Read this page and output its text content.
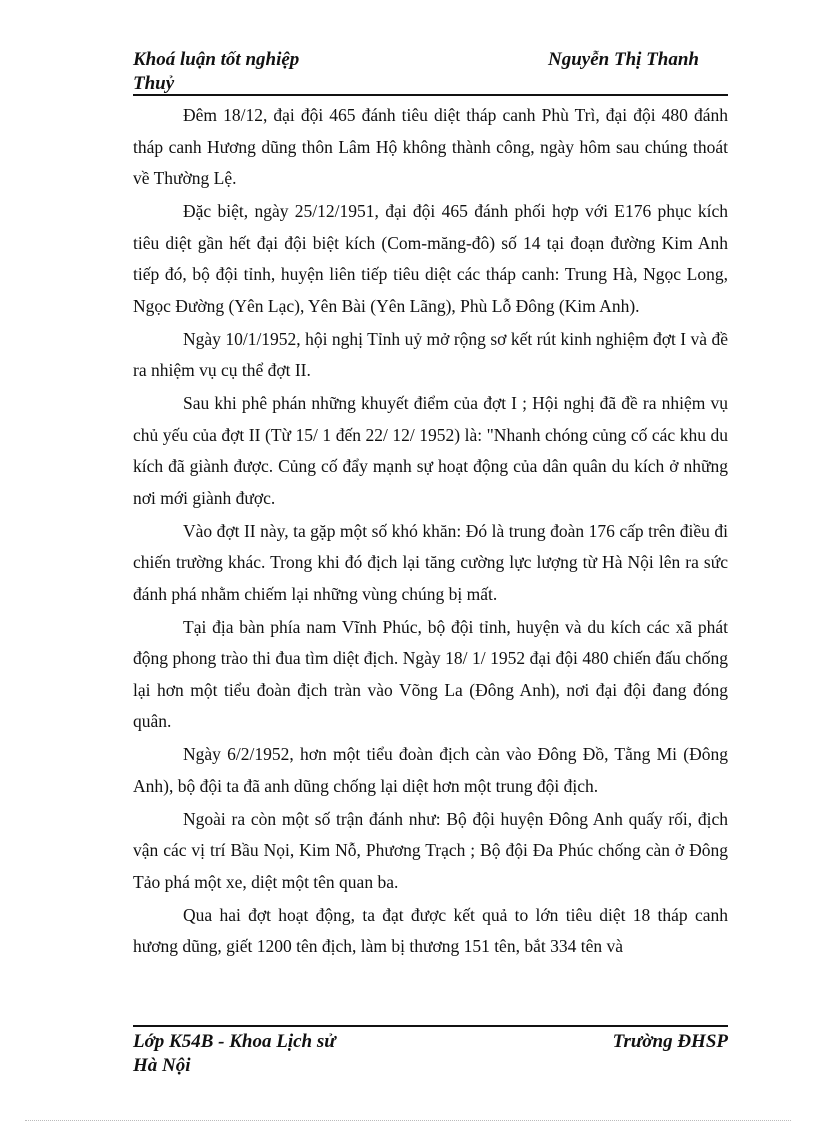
Khoá luận tốt nghiệp	Nguyễn Thị Thanh
Thuỷ

Đêm 18/12, đại đội 465 đánh tiêu diệt tháp canh Phù Trì, đại đội 480 đánh tháp canh Hương dũng thôn Lâm Hộ không thành công, ngày hôm sau chúng thoát về Thường Lệ.

Đặc biệt, ngày 25/12/1951, đại đội 465 đánh phối hợp với E176 phục kích tiêu diệt gần hết đại đội biệt kích (Com-măng-đô) số 14 tại đoạn đường Kim Anh tiếp đó, bộ đội tỉnh, huyện liên tiếp tiêu diệt các tháp canh: Trung Hà, Ngọc Long, Ngọc Đường (Yên Lạc), Yên Bài (Yên Lãng), Phù Lỗ Đông (Kim Anh).

Ngày 10/1/1952, hội nghị Tỉnh uỷ mở rộng sơ kết rút kinh nghiệm đợt I và đề ra nhiệm vụ cụ thể đợt II.

Sau khi phê phán những khuyết điểm của đợt I ; Hội nghị đã đề ra nhiệm vụ chủ yếu của đợt II (Từ 15/ 1 đến 22/ 12/ 1952) là: "Nhanh chóng củng cố các khu du kích đã giành được. Củng cố đẩy mạnh sự hoạt động của dân quân du kích ở những nơi mới giành được.

Vào đợt II này, ta gặp một số khó khăn: Đó là trung đoàn 176 cấp trên điều đi chiến trường khác. Trong khi đó địch lại tăng cường lực lượng từ Hà Nội lên ra sức đánh phá nhằm chiếm lại những vùng chúng bị mất.

Tại địa bàn phía nam Vĩnh Phúc, bộ đội tỉnh, huyện và du kích các xã phát động phong trào thi đua tìm diệt địch. Ngày 18/ 1/ 1952 đại đội 480 chiến đấu chống lại hơn một tiểu đoàn địch tràn vào Võng La (Đông Anh), nơi đại đội đang đóng quân.

Ngày 6/2/1952, hơn một tiểu đoàn địch càn vào Đông Đồ, Tằng Mi (Đông Anh), bộ đội ta đã anh dũng chống lại diệt hơn một trung đội địch.

Ngoài ra còn một số trận đánh như: Bộ đội huyện Đông Anh quấy rối, địch vận các vị trí Bầu Nọi, Kim Nỗ, Phương Trạch ; Bộ đội Đa Phúc chống càn ở Đông Tảo phá một xe, diệt một tên quan ba.

Qua hai đợt hoạt động, ta đạt được kết quả to lớn tiêu diệt 18 tháp canh hương dũng, giết 1200 tên địch, làm bị thương 151 tên, bắt 334 tên và

Lớp K54B - Khoa Lịch sử	Trường ĐHSP
Hà Nội
